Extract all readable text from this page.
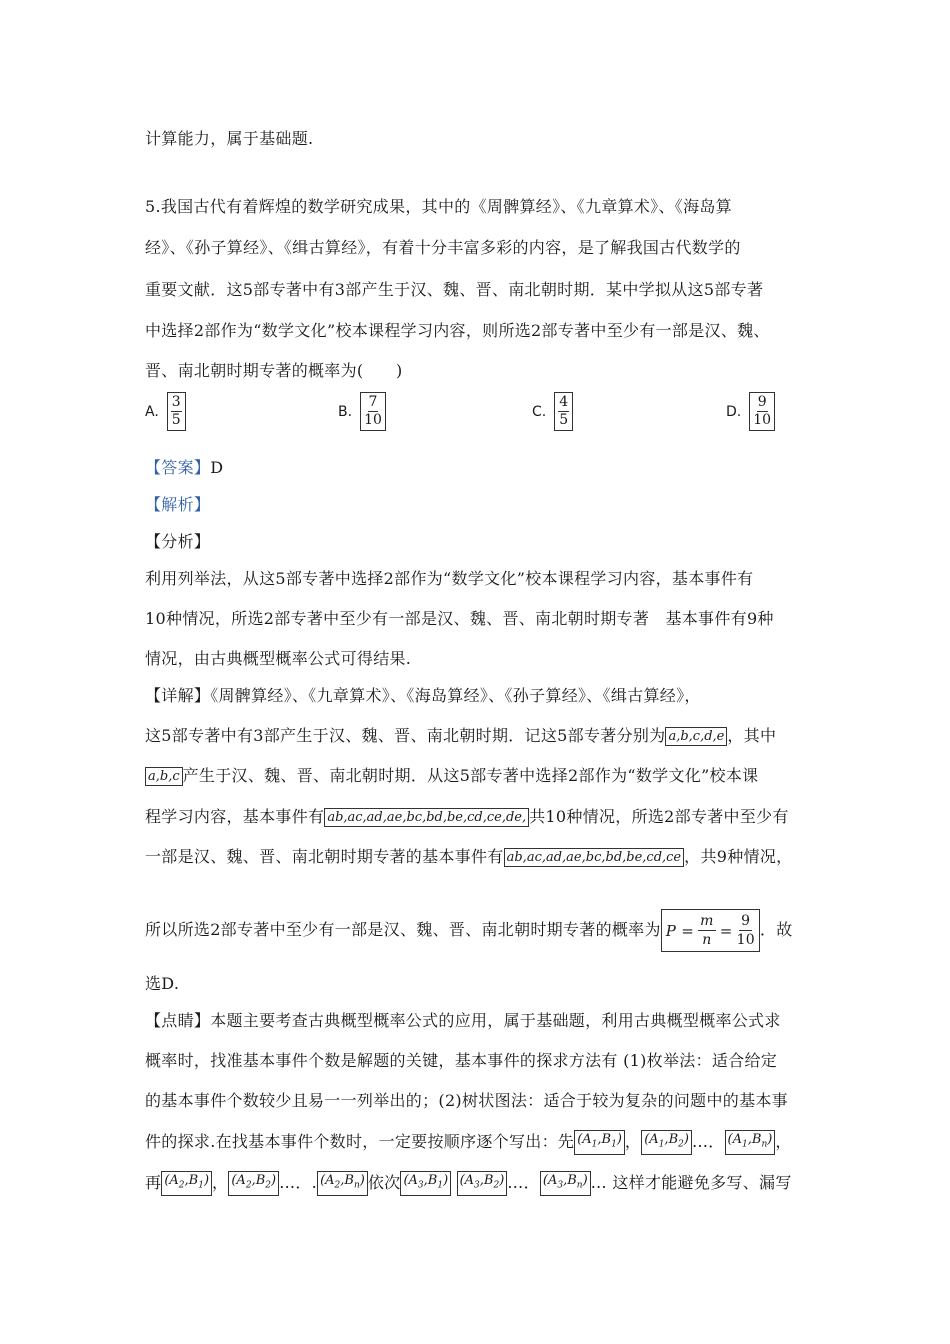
计算能力，属于基础题.
5.我国古代有着辉煌的数学研究成果，其中的《周髀算经》、《九章算术》、《海岛算
经》、《孙子算经》、《缉古算经》，有着十分丰富多彩的内容，是了解我国古代数学的
重要文献．这5部专著中有3部产生于汉、魏、晋、南北朝时期．某中学拟从这5部专著
中选择2部作为“数学文化”校本课程学习内容，则所选2部专著中至少有一部是汉、魏、
晋、南北朝时期专著的概率为(　　)
A. $\frac{3}{5}$	B. $\frac{7}{10}$	C. $\frac{4}{5}$	D. $\frac{9}{10}$
【答案】D
【解析】
【分析】
利用列举法，从这5部专著中选择2部作为“数学文化”校本课程学习内容，基本事件有
10种情况，所选2部专著中至少有一部是汉、魏、晋、南北朝时期专著　基本事件有9种
情况，由古典概型概率公式可得结果.
【详解】《周髀算经》、《九章算术》、《海岛算经》、《孙子算经》、《缉古算经》，
这5部专著中有3部产生于汉、魏、晋、南北朝时期．记这5部专著分别为 a,b,c,d,e ，其中
a,b,c 产生于汉、魏、晋、南北朝时期．从这5部专著中选择2部作为“数学文化”校本课
程学习内容，基本事件有 ab,ac,ad,ae,bc,bd,be,cd,ce,de, 共10种情况，所选2部专著中至少有
一部是汉、魏、晋、南北朝时期专著的基本事件有 ab,ac,ad,ae,bc,bd,be,cd,ce ，共9种情况，
所以所选2部专著中至少有一部是汉、魏、晋、南北朝时期专著的概率为 $P = \frac{m}{n} = \frac{9}{10}$ ．故
选D.
【点睛】本题主要考查古典概型概率公式的应用，属于基础题，利用古典概型概率公式求
概率时，找准基本事件个数是解题的关键，基本事件的探求方法有 (1)枚举法：适合给定
的基本事件个数较少且易一一列举出的；(2)树状图法：适合于较为复杂的问题中的基本事
件的探求.在找基本事件个数时，一定要按顺序逐个写出：先 $(A_1,B_1)$ ， $(A_1,B_2)$ …． $(A_1,B_n)$ ，
再 $(A_2,B_1)$ ， $(A_2,B_2)$ …．. $(A_2,B_n)$ 依次 $(A_3,B_1)$ $(A_3,B_2)$ …． $(A_3,B_n)$ … 这样才能避免多写、漏写
